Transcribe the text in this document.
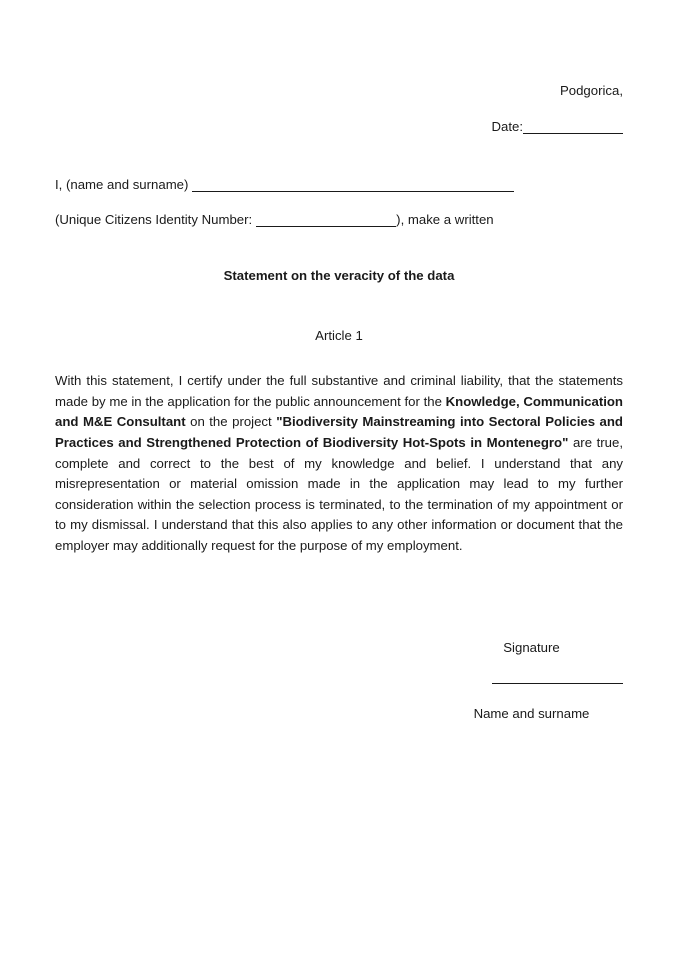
Podgorica,
Date:
I, (name and surname)
(Unique Citizens Identity Number:	), make a written
Statement on the veracity of the data
Article 1

With this statement, I certify under the full substantive and criminal liability, that the statements made by me in the application for the public announcement for the Knowledge, Communication and M&E Consultant on the project "Biodiversity Mainstreaming into Sectoral Policies and Practices and Strengthened Protection of Biodiversity Hot-Spots in Montenegro" are true, complete and correct to the best of my knowledge and belief. I understand that any misrepresentation or material omission made in the application may lead to my further consideration within the selection process is terminated, to the termination of my appointment or to my dismissal. I understand that this also applies to any other information or document that the employer may additionally request for the purpose of my employment.

Signature
Name and surname
